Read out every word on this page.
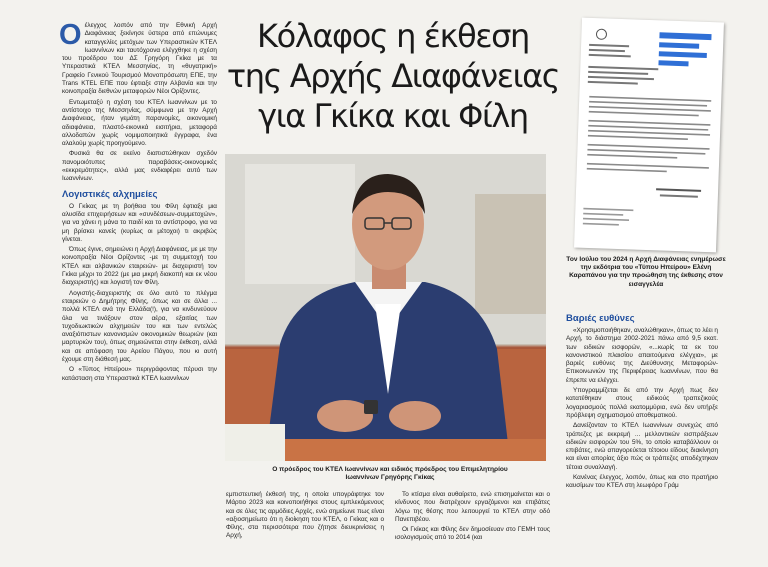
Οέλεγχος λοιπόν από την Εθνική Αρχή Διαφάνειας ξεκίνησε ύστερα από επώνυμες καταγγελίες μετόχων των Υπεραστικών ΚΤΕΛ Ιωαννίνων και ταυτόχρονα ελέγχθηκε η σχέση του προέδρου του ΔΣ Γρηγόρη Γκίκα με τα Υπεραστικά ΚΤΕΛ Μεσσηνίας, τη «θυγατρική» Γραφείο Γενικού Τουρισμού Μονοπρόσωπη ΕΠΕ, την Trans KTEL ΕΠΕ που έφτιαξε στην Αλβανία και την κοινοπραξία διεθνών μεταφορών Νέοι Ορίζοντες.

Εντωμεταξύ η σχέση του ΚΤΕΛ Ιωαννίνων με το αντίστοιχο της Μεσσηνίας, σύμφωνα με την Αρχή Διαφάνειας, ήταν γεμάτη παρανομίες, οικονομική αδιαφάνεια, πλαστό-εικονικά εισιτήρια, μεταφορά αλλοδαπών χωρίς νομιμοποιητικά έγγραφα, ένα αλαλούμ χωρίς προηγούμενο.

Φυσικά θα σε εκείνο διαπιστώθηκαν σχεδόν πανομοιότυπες παραβάσεις-οικονομικές «εκκρεμότητες», αλλά μας ενδιαφέρει αυτό των Ιωαννίνων.

Λογιστικές αλχημείες

Ο Γκίκας με τη βοήθεια του Φίλη έφτιαξε μια αλυσίδα επιχειρήσεων και «συνδέσεων-συμμετοχών», για να χάνει η μάνα το παιδί και το αντίστροφο, για να μη βρίσκει κανείς (κυρίως οι μέτοχοι) τι ακριβώς γίνεται.

Όπως έγινε, σημειώνει η Αρχή Διαφάνειας, με με την κοινοπραξία Νέοι Ορίζοντες -με τη συμμετοχή του ΚΤΕΛ και αλβανικών εταιρειών- με διαχειριστή τον Γκίκα μέχρι το 2022 (με μια μικρή διακοπή και εκ νέου διαχειριστής) και λογιστή τον Φίλη.

Λογιστής-διαχειριστής σε όλο αυτό το πλέγμα εταιρειών ο Δημήτρης Φίλης, όπως και σε άλλα ... πολλά ΚΤΕΛ ανά την Ελλάδα(!), για να κινδυνεύουν όλα να τινάξουν στον αέρα, εξαιτίας των τυχοδιωκτικών αλχημειών του και των εντελώς αναξιόπιστων κανονισμών οικονομικών θεωριών (και μαρτυριών του), όπως σημειώνεται στην έκθεση, αλλά και σε απόφαση του Αρείου Πάγου, που κι αυτή έχουμε στη διάθεσή μας.

Ο «Τύπος Ηπείρου» περιγράφοντας πέρυσι την κατάσταση στα Υπεραστικά ΚΤΕΛ Ιωαννίνων

Κόλαφος η έκθεση
της Αρχής Διαφάνειας
για Γκίκα και Φίλη
Ο πρόεδρος του ΚΤΕΛ Ιωαννίνων και ειδικός πρόεδρος του Επιμελητηρίου Ιωαννίνων Γρηγόρης Γκίκας
Τον Ιούλιο του 2024 η Αρχή Διαφάνειας ενημέρωσε την εκδότρια του «Τύπου Ηπείρου» Ελένη Καραπάνου για την προώθηση της έκθεσης στον εισαγγελέα
Βαριές ευθύνες

«Χρησιμοποιήθηκαν, αναλώθηκαν», όπως το λέει η Αρχή, το διάστημα 2002-2021 πάνω από 9,5 εκατ. των ειδικών εισφορών, «...κωρίς τα εκ του κανονιστικού πλαισίου απαιτούμενα ελέγχια», με βαριές ευθύνες της Διεύθυνσης Μεταφορών-Επικοινωνιών της Περιφέρειας Ιωαννίνων, που θα έπρεπε να ελέγχει.

Υπογραμμίζεται δε από την Αρχή πως δεν κατατέθηκαν στους ειδικούς τραπεζικούς λογαριασμούς πολλά εκατομμύρια, ενώ δεν υπήρξε πρόβλεψη σχηματισμού αποθεματικού.

Δανείζονταν το ΚΤΕΛ Ιωαννίνων συνεχώς από τράπεζες με εκκρεμή ... μελλοντικών εισπράξεων ειδικών εισφορών του 5%, το οποίο καταβάλλουν οι επιβάτες, ενώ απαγορεύεται τέτοιου είδους διακίνηση και είναι απορίας άξιο πώς οι τράπεζες αποδέχτηκαν τέτοια συναλλαγή.

Κανένας έλεγχος, λοιπόν, όπως και στο πρατήριο καυσίμων του ΚΤΕΛ στη λεωφόρο Γράμ

εμπιστευτική έκθεσή της, η οποία υπογράφτηκε τον Μάρτιο 2023 και κοινοποιήθηκε στους εμπλεκόμενους και σε όλες τις αρμόδιες Αρχές, ενώ σημείωνε πως είναι «αξιοσημείωτο ότι η διοίκηση του ΚΤΕΛ, ο Γκίκας και ο Φίλης, στα περισσότερα που ζήτησε διευκρινίσεις η Αρχή,

Το κτίσμα είναι αυθαίρετο, ενώ επισημαίνεται και ο κίνδυνος που διατρέχουν εργαζόμενοι και επιβάτες λόγω της θέσης που λειτουργεί το ΚΤΕΛ στην οδό Πανεπιβέου.

Οι Γκίκας και Φίλης δεν δημοσίευαν στο ΓΕΜΗ τους ισολογισμούς από το 2014 (και
